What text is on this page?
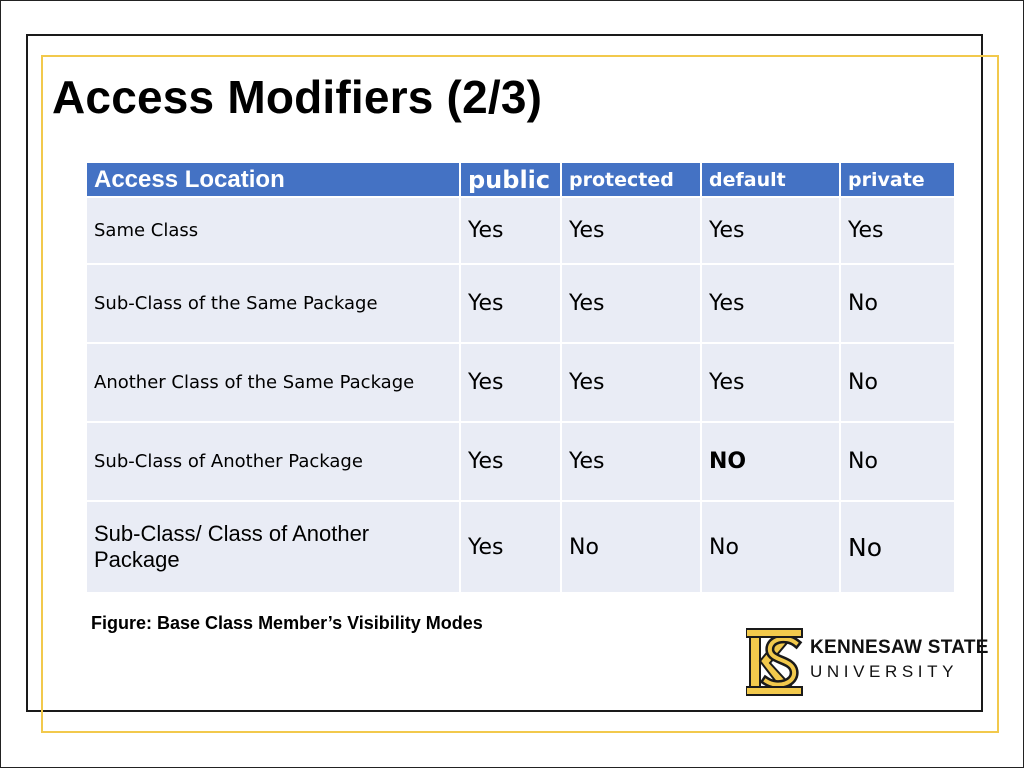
Access Modifiers (2/3)
Access Location	public	protected	default	private
Same Class	Yes	Yes	Yes	Yes
Sub-Class of the Same Package	Yes	Yes	Yes	No
Another Class of the Same Package	Yes	Yes	Yes	No
Sub-Class of Another Package	Yes	Yes	NO	No
Sub-Class/ Class of Another Package	Yes	No	No	No

Figure: Base Class Member’s Visibility Modes

KENNESAW STATE
UNIVERSITY
